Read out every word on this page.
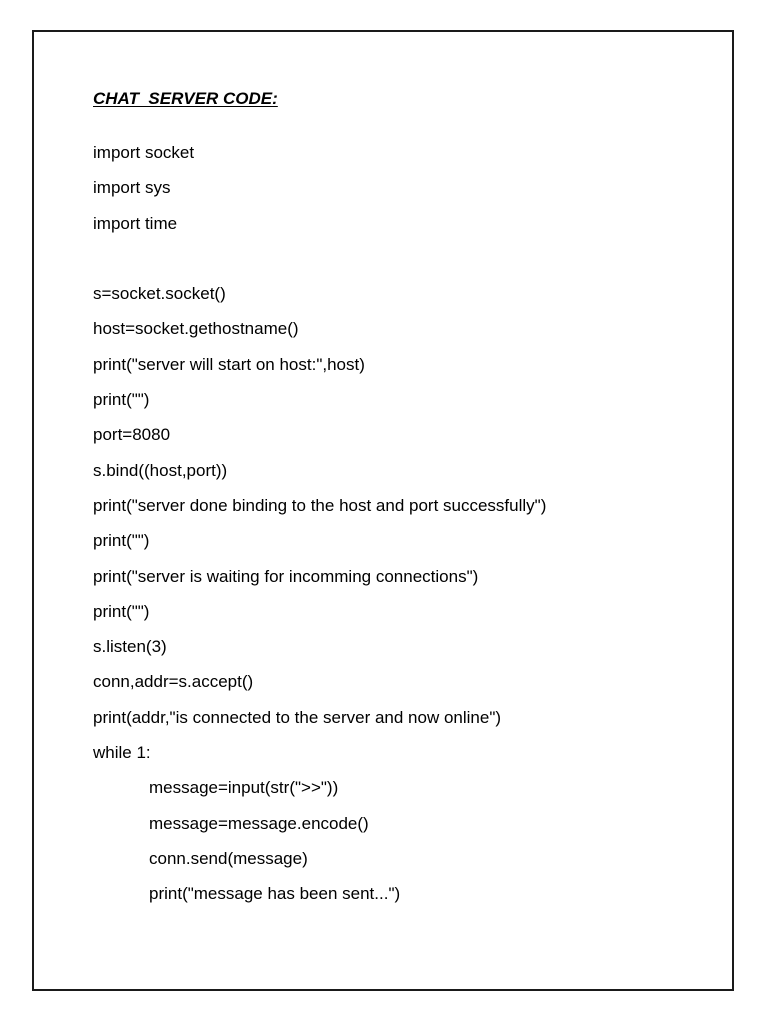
CHAT  SERVER CODE:
import socket
import sys
import time
s=socket.socket()
host=socket.gethostname()
print("server will start on host:",host)
print("")
port=8080
s.bind((host,port))
print("server done binding to the host and port successfully")
print("")
print("server is waiting for incomming connections")
print("")
s.listen(3)
conn,addr=s.accept()
print(addr,"is connected to the server and now online")
while 1:
message=input(str(">>"))
message=message.encode()
conn.send(message)
print("message has been sent...")
